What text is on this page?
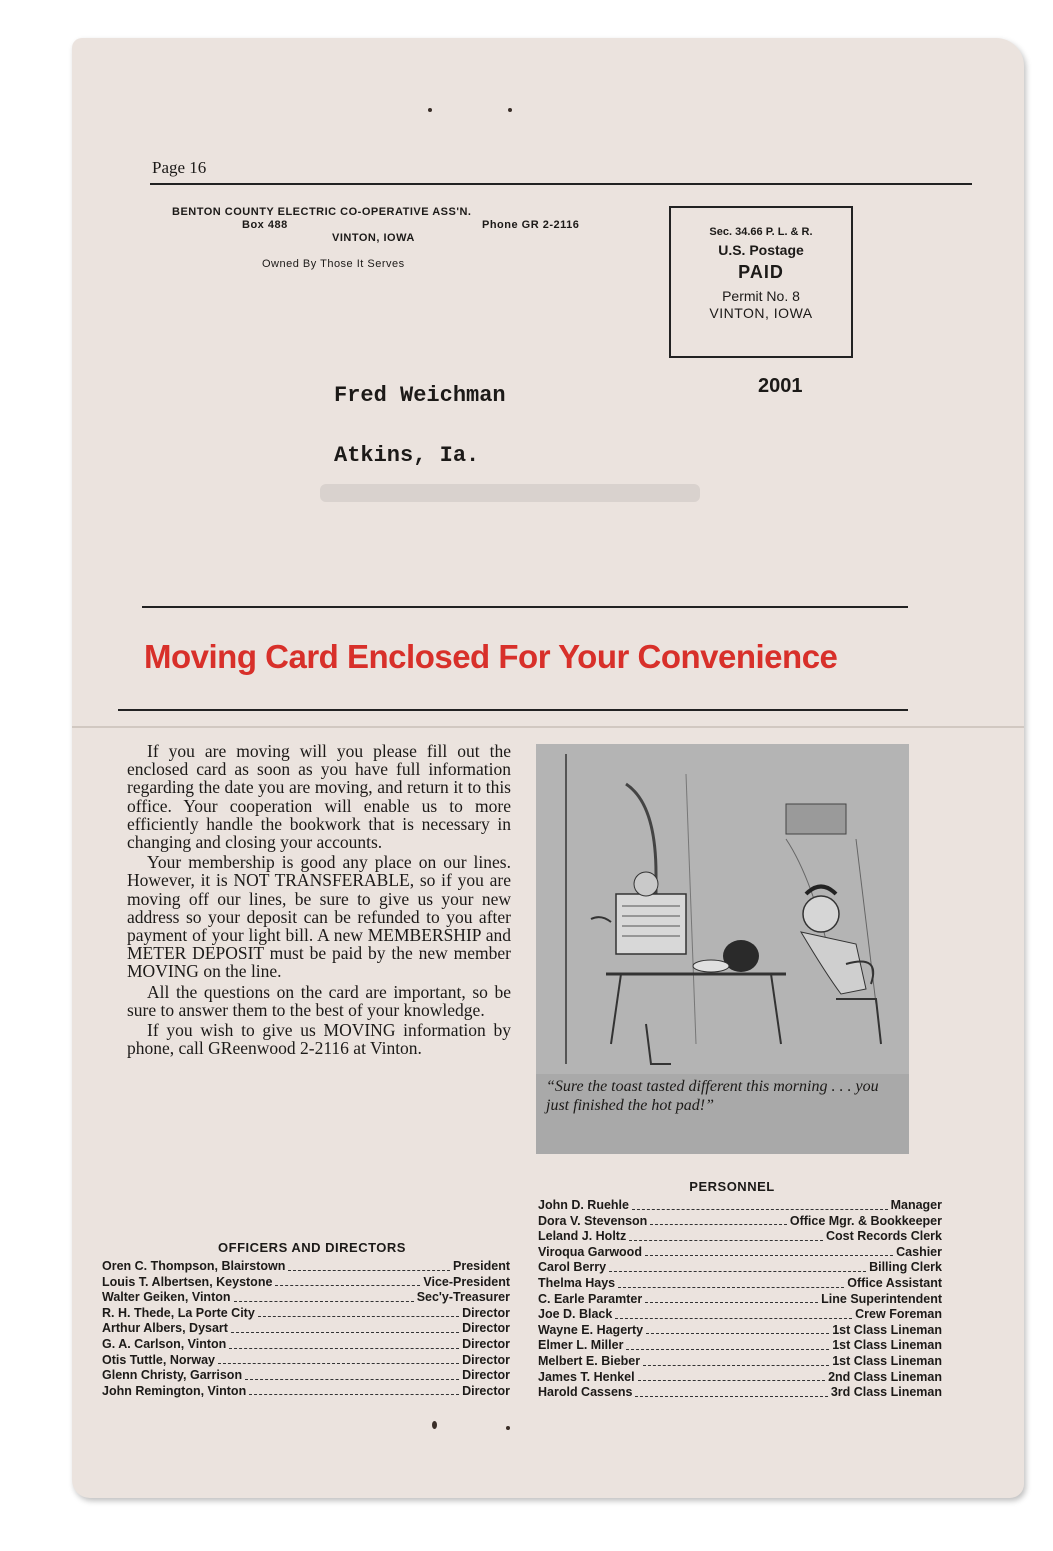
Page 16
BENTON COUNTY ELECTRIC CO-OPERATIVE ASS'N.
Box 488	Phone GR 2-2116
VINTON, IOWA
Owned By Those It Serves
Sec. 34.66 P. L. & R.
U.S. Postage
PAID
Permit No. 8
VINTON, IOWA
2001
Fred Weichman
Atkins, Ia.
Moving Card Enclosed For Your Convenience

If you are moving will you please fill out the enclosed card as soon as you have full information regarding the date you are moving, and return it to this office. Your cooperation will enable us to more efficiently handle the bookwork that is necessary in changing and closing your accounts.

Your membership is good any place on our lines. However, it is NOT TRANSFERABLE, so if you are moving off our lines, be sure to give us your new address so your deposit can be refunded to you after payment of your light bill. A new MEMBERSHIP and METER DEPOSIT must be paid by the new member MOVING on the line.

All the questions on the card are important, so be sure to answer them to the best of your knowledge.

If you wish to give us MOVING information by phone, call GReenwood 2-2116 at Vinton.

“Sure the toast tasted different this morning . . . you just finished the hot pad!”
PERSONNEL
John D. Ruehle	Manager
Dora V. Stevenson	Office Mgr. & Bookkeeper
Leland J. Holtz	Cost Records Clerk
Viroqua Garwood	Cashier
Carol Berry	Billing Clerk
Thelma Hays	Office Assistant
C. Earle Paramter	Line Superintendent
Joe D. Black	Crew Foreman
Wayne E. Hagerty	1st Class Lineman
Elmer L. Miller	1st Class Lineman
Melbert E. Bieber	1st Class Lineman
James T. Henkel	2nd Class Lineman
Harold Cassens	3rd Class Lineman
OFFICERS AND DIRECTORS
Oren C. Thompson, Blairstown	President
Louis T. Albertsen, Keystone	Vice-President
Walter Geiken, Vinton	Sec'y-Treasurer
R. H. Thede, La Porte City	Director
Arthur Albers, Dysart	Director
G. A. Carlson, Vinton	Director
Otis Tuttle, Norway	Director
Glenn Christy, Garrison	Director
John Remington, Vinton	Director
